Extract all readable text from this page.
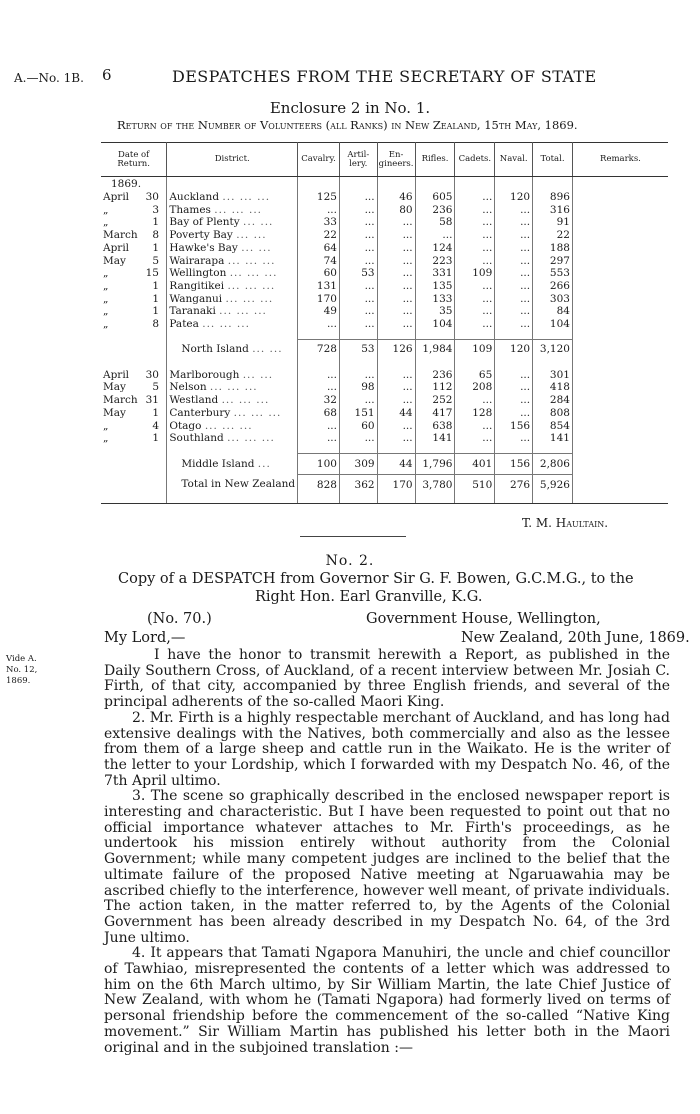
A.—No. 1B. 6	DESPATCHES FROM THE SECRETARY OF STATE
Enclosure 2 in No. 1.
Return of the Number of Volunteers (all Ranks) in New Zealand, 15th May, 1869.
Date of Return.	District.	Cavalry.	Artil-lery.	En-gineers.	Rifles.	Cadets.	Naval.	Total.	Remarks.
1869.									
April 30	Auckland ... ... ...	125	...	46	605	...	120	896	
„ 3	Thames ... ... ...	...	...	80	236	...	...	316	
„ 1	Bay of Plenty ... ...	33	...	...	58	...	...	91	
March 8	Poverty Bay ... ...	22	...	...	...	...	...	22	
April 1	Hawke's Bay ... ...	64	...	...	124	...	...	188	
May 5	Wairarapa ... ... ...	74	...	...	223	...	...	297	
„ 15	Wellington ... ... ...	60	53	...	331	109	...	553	
„ 1	Rangitikei ... ... ...	131	...	...	135	...	...	266	
„ 1	Wanganui ... ... ...	170	...	...	133	...	...	303	
„ 1	Taranaki ... ... ...	49	...	...	35	...	...	84	
„ 8	Patea ... ... ...	...	...	...	104	...	...	104	

	North Island ... ...	728	53	126	1,984	109	120	3,120	

April 30	Marlborough ... ...	...	...	...	236	65	...	301	
May 5	Nelson ... ... ...	...	98	...	112	208	...	418	
March 31	Westland ... ... ...	32	...	...	252	...	...	284	
May 1	Canterbury ... ... ...	68	151	44	417	128	...	808	
„ 4	Otago ... ... ...	...	60	...	638	...	156	854	
„ 1	Southland ... ... ...	...	...	...	141	...	...	141	

	Middle Island ...	100	309	44	1,796	401	156	2,806	
	Total in New Zealand	828	362	170	3,780	510	276	5,926	

T. M. Haultain.
No. 2.
Copy of a DESPATCH from Governor Sir G. F. Bowen, G.C.M.G., to the
Right Hon. Earl Granville, K.G.
(No. 70.)	Government House, Wellington,
My Lord,—	New Zealand, 20th June, 1869.
Vide A. No. 12, 1869.

I have the honor to transmit herewith a Report, as published in the Daily Southern Cross, of Auckland, of a recent interview between Mr. Josiah C. Firth, of that city, accompanied by three English friends, and several of the principal adherents of the so-called Maori King.

2. Mr. Firth is a highly respectable merchant of Auckland, and has long had extensive dealings with the Natives, both commercially and also as the lessee from them of a large sheep and cattle run in the Waikato. He is the writer of the letter to your Lordship, which I forwarded with my Despatch No. 46, of the 7th April ultimo.

3. The scene so graphically described in the enclosed newspaper report is interesting and characteristic. But I have been requested to point out that no official importance whatever attaches to Mr. Firth's proceedings, as he undertook his mission entirely without authority from the Colonial Government; while many competent judges are inclined to the belief that the ultimate failure of the proposed Native meeting at Ngaruawahia may be ascribed chiefly to the interference, however well meant, of private individuals. The action taken, in the matter referred to, by the Agents of the Colonial Government has been already described in my Despatch No. 64, of the 3rd June ultimo.

4. It appears that Tamati Ngapora Manuhiri, the uncle and chief councillor of Tawhiao, misrepresented the contents of a letter which was addressed to him on the 6th March ultimo, by Sir William Martin, the late Chief Justice of New Zealand, with whom he (Tamati Ngapora) had formerly lived on terms of personal friendship before the commencement of the so-called “Native King movement.” Sir William Martin has published his letter both in the Maori original and in the subjoined translation :—
